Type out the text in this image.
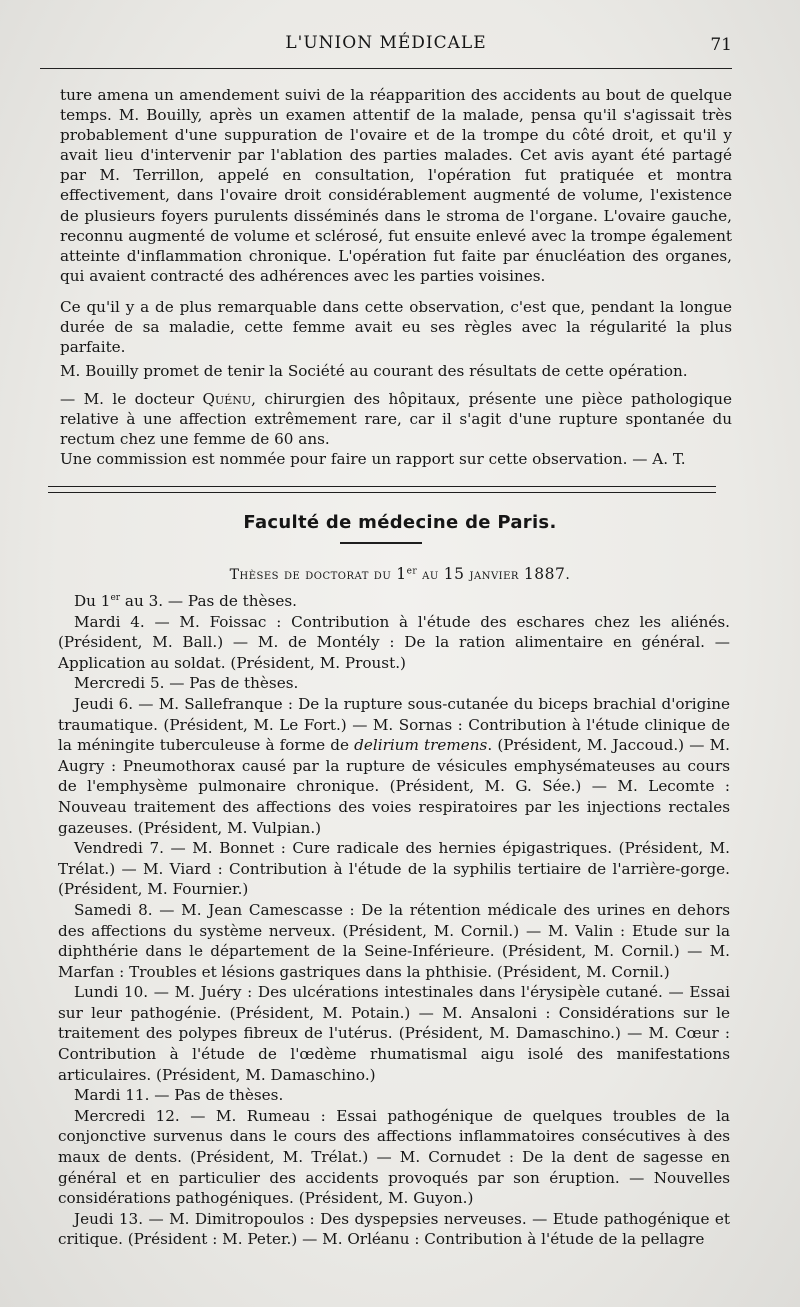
L'UNION MÉDICALE	71

ture amena un amendement suivi de la réapparition des accidents au bout de quelque temps. M. Bouilly, après un examen attentif de la malade, pensa qu'il s'agissait très probablement d'une suppuration de l'ovaire et de la trompe du côté droit, et qu'il y avait lieu d'intervenir par l'ablation des parties malades. Cet avis ayant été partagé par M. Terrillon, appelé en consultation, l'opération fut pratiquée et montra effectivement, dans l'ovaire droit considérablement augmenté de volume, l'existence de plusieurs foyers purulents disséminés dans le stroma de l'organe. L'ovaire gauche, reconnu augmenté de volume et sclérosé, fut ensuite enlevé avec la trompe également atteinte d'inflammation chronique. L'opération fut faite par énucléation des organes, qui avaient contracté des adhérences avec les parties voisines.

Ce qu'il y a de plus remarquable dans cette observation, c'est que, pendant la longue durée de sa maladie, cette femme avait eu ses règles avec la régularité la plus parfaite.

M. Bouilly promet de tenir la Société au courant des résultats de cette opération.

— M. le docteur Quénu, chirurgien des hôpitaux, présente une pièce pathologique relative à une affection extrêmement rare, car il s'agit d'une rupture spontanée du rectum chez une femme de 60 ans.

Une commission est nommée pour faire un rapport sur cette observation. — A. T.

Faculté de médecine de Paris.
Thèses de doctorat du 1er au 15 janvier 1887.

Du 1er au 3. — Pas de thèses.

Mardi 4. — M. Foissac : Contribution à l'étude des eschares chez les aliénés. (Président, M. Ball.) — M. de Montély : De la ration alimentaire en général. — Application au soldat. (Président, M. Proust.)

Mercredi 5. — Pas de thèses.

Jeudi 6. — M. Sallefranque : De la rupture sous-cutanée du biceps brachial d'origine traumatique. (Président, M. Le Fort.) — M. Sornas : Contribution à l'étude clinique de la méningite tuberculeuse à forme de delirium tremens. (Président, M. Jaccoud.) — M. Augry : Pneumothorax causé par la rupture de vésicules emphysémateuses au cours de l'emphysème pulmonaire chronique. (Président, M. G. Sée.) — M. Lecomte : Nouveau traitement des affections des voies respiratoires par les injections rectales gazeuses. (Président, M. Vulpian.)

Vendredi 7. — M. Bonnet : Cure radicale des hernies épigastriques. (Président, M. Trélat.) — M. Viard : Contribution à l'étude de la syphilis tertiaire de l'arrière-gorge. (Président, M. Fournier.)

Samedi 8. — M. Jean Camescasse : De la rétention médicale des urines en dehors des affections du système nerveux. (Président, M. Cornil.) — M. Valin : Etude sur la diphthérie dans le département de la Seine-Inférieure. (Président, M. Cornil.) — M. Marfan : Troubles et lésions gastriques dans la phthisie. (Président, M. Cornil.)

Lundi 10. — M. Juéry : Des ulcérations intestinales dans l'érysipèle cutané. — Essai sur leur pathogénie. (Président, M. Potain.) — M. Ansaloni : Considérations sur le traitement des polypes fibreux de l'utérus. (Président, M. Damaschino.) — M. Cœur : Contribution à l'étude de l'œdème rhumatismal aigu isolé des manifestations articulaires. (Président, M. Damaschino.)

Mardi 11. — Pas de thèses.

Mercredi 12. — M. Rumeau : Essai pathogénique de quelques troubles de la conjonctive survenus dans le cours des affections inflammatoires consécutives à des maux de dents. (Président, M. Trélat.) — M. Cornudet : De la dent de sagesse en général et en particulier des accidents provoqués par son éruption. — Nouvelles considérations pathogéniques. (Président, M. Guyon.)

Jeudi 13. — M. Dimitropoulos : Des dyspepsies nerveuses. — Etude pathogénique et critique. (Président : M. Peter.) — M. Orléanu : Contribution à l'étude de la pellagre
